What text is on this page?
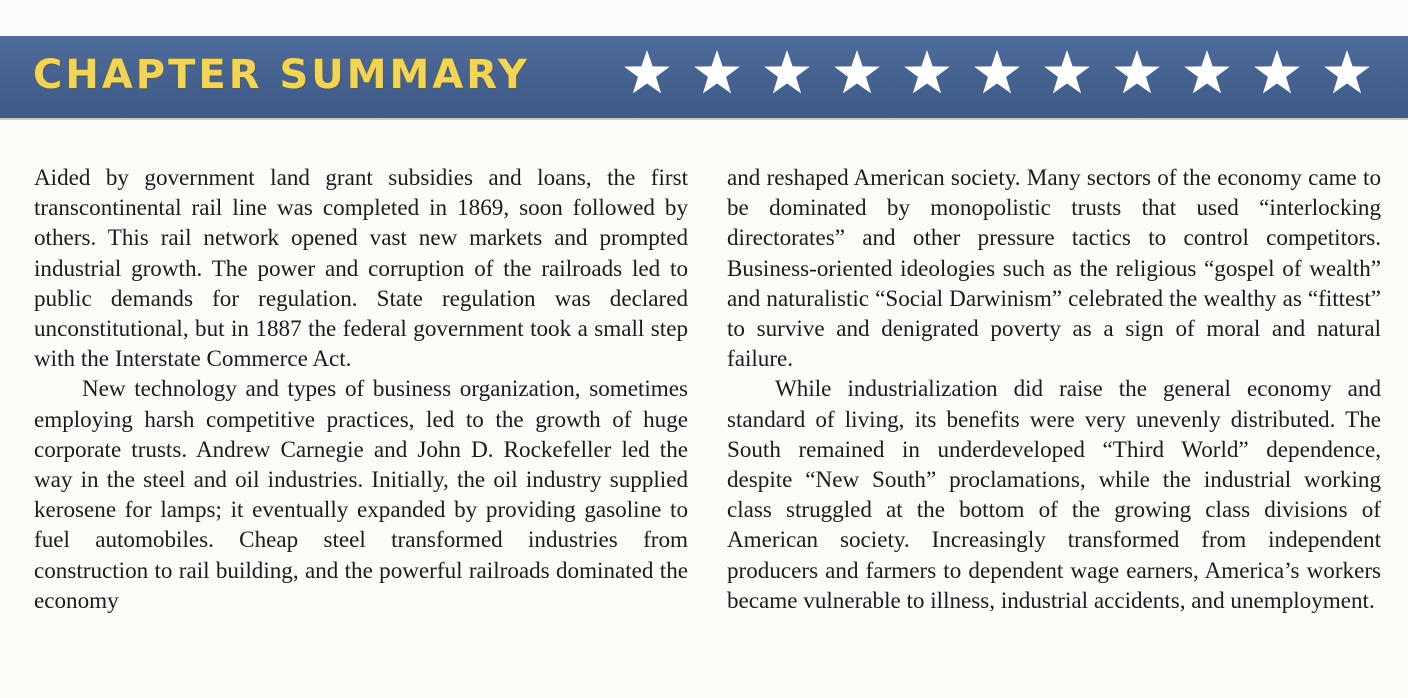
CHAPTER SUMMARY

Aided by government land grant subsidies and loans, the first transcontinental rail line was completed in 1869, soon followed by others. This rail network opened vast new markets and prompted industrial growth. The power and corruption of the railroads led to public demands for regulation. State regulation was declared unconstitutional, but in 1887 the federal government took a small step with the Interstate Commerce Act.

New technology and types of business organization, sometimes employing harsh competitive practices, led to the growth of huge corporate trusts. Andrew Carnegie and John D. Rockefeller led the way in the steel and oil industries. Initially, the oil industry supplied kerosene for lamps; it eventually expanded by providing gasoline to fuel automobiles. Cheap steel transformed industries from construction to rail building, and the powerful railroads dominated the economy

and reshaped American society. Many sectors of the economy came to be dominated by monopolistic trusts that used “interlocking directorates” and other pressure tactics to control competitors. Business-oriented ideologies such as the religious “gospel of wealth” and naturalistic “Social Darwinism” celebrated the wealthy as “fittest” to survive and denigrated poverty as a sign of moral and natural failure.

While industrialization did raise the general economy and standard of living, its benefits were very unevenly distributed. The South remained in underdeveloped “Third World” dependence, despite “New South” proclamations, while the industrial working class struggled at the bottom of the growing class divisions of American society. Increasingly transformed from independent producers and farmers to dependent wage earners, America’s workers became vulnerable to illness, industrial accidents, and unemployment.
